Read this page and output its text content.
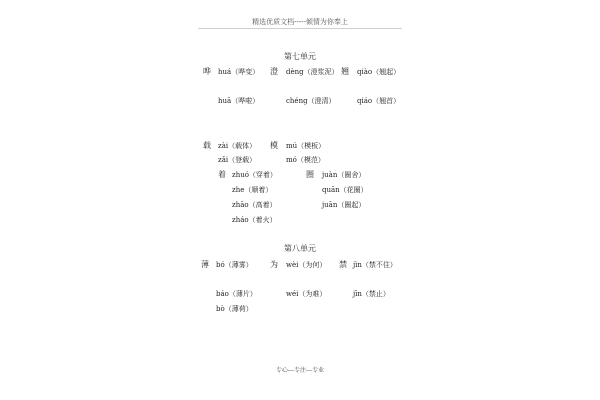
精选优质文档-----倾情为你奉上
第七单元
哗 huá（哗变） 澄 dèng（澄浆泥） 翘 qiào（翘起）
huā（哗啦）	chéng（澄清）	qiáo（翘首）
载 zài（载体） 模 mú（模板）
zǎi（登载）	mó（模范）
着 zhuó（穿着）	圈 juàn（圈舍）
zhe（顺着）	quān（花圈）
zhāo（高着）	juān（圈起）
zháo（着火）
第八单元
薄 bó（薄雾） 为 wèi（为何） 禁 jìn（禁不住）
báo（薄片）	wéi（为难）	jīn（禁止）
bò（薄荷）
专心---专注---专业
